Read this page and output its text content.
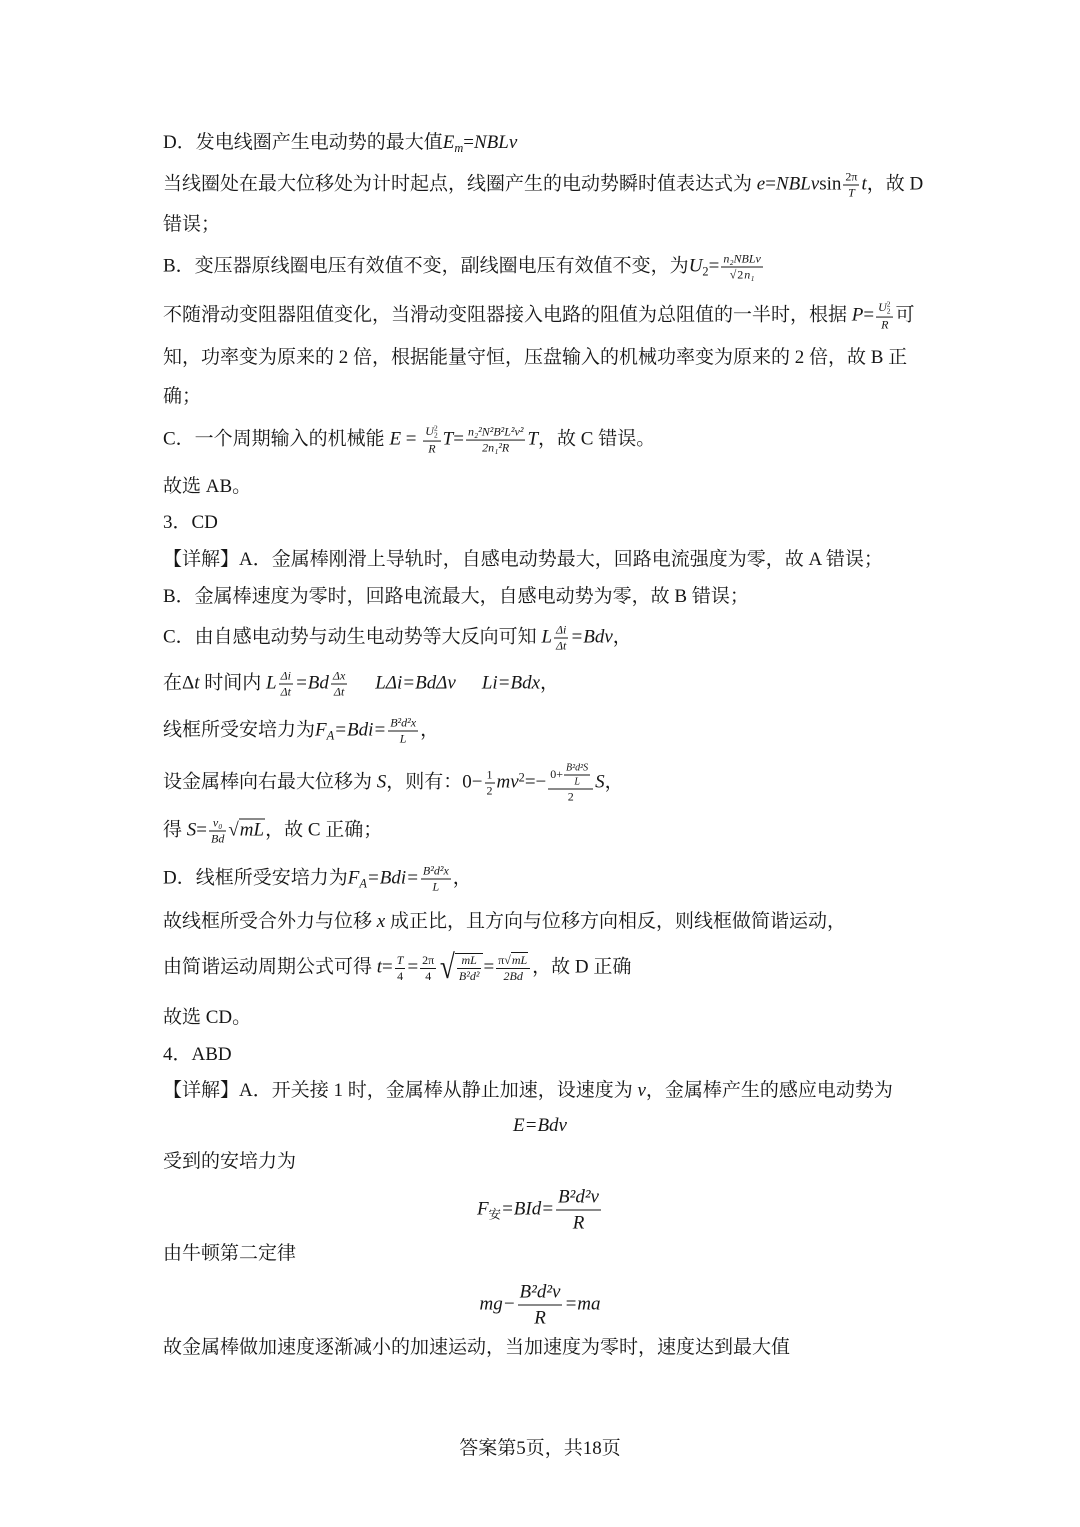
D．发电线圈产生电动势的最大值$E_m=NBLv$
当线圈处在最大位移处为计时起点，线圈产生的电动势瞬时值表达式为 e=NBLvsin $\frac{2\pi}{T}$ t，故 D
错误；
B．变压器原线圈电压有效值不变，副线圈电压有效值不变，为$U_2= \frac{\text{n₂NBLv}}{\text{√2n₁}}$
不随滑动变阻器阻值变化，当滑动变阻器接入电路的阻值为总阻值的一半时，根据 P= U 2
2
R 可
知，功率变为原来的 2 倍，根据能量守恒，压盘输入的机械功率变为原来的 2 倍，故 B 正
确；
C．一个周期输入的机械能 E = U 2
2
R $T= \frac{\text{n₂²N²B²L²v²}}{\text{2n₁²R}}$ T，故 C 错误。
故选 AB。
3．CD
【详解】A．金属棒刚滑上导轨时，自感电动势最大，回路电流强度为零，故 A 错误；
B．金属棒速度为零时，回路电流最大，自感电动势为零，故 B 错误；
C．由自感电动势与动生电动势等大反向可知 L $\frac{\Delta i}{\Delta t} =Bdv$，
在Δt 时间内 L $\frac{\Delta i}{\Delta t} =Bd \frac{\Delta x}{\Delta t} L\Delta i=Bd\Delta v$ Li=Bdx，
线框所受安培力为$F_A=Bdi= \frac{\text{B²d²x}}{L}$ ，
设金属棒向右最大位移为 S，则有：$0- \frac{1}{2} mv^2=- \frac{0+ \frac{\text{B²d²S}}{L}}{2}$ S，
得 $S= \frac{\text{v₀}}{Bd} √mL$，故 C 正确；
D．线框所受安培力为$F_A=Bdi= \frac{\text{B²d²x}}{L}$ ，
故线框所受合外力与位移 x 成正比，且方向与位移方向相反，则线框做简谐运动，
由简谐运动周期公式可得 $t= \frac{T}{4} = \frac{2\pi}{4}$ √ $\frac{mL}{\text{B²d²}} = \frac{\pi√mL}{2Bd}$ ，故 D 正确
故选 CD。
4．ABD
【详解】A．开关接 1 时，金属棒从静止加速，设速度为 v，金属棒产生的感应电动势为
E=Bdv
受到的安培力为
$F_安=BId= \frac{\text{B²d²v}}{R}$
由牛顿第二定律
$mg- \frac{\text{B²d²v}}{R} =ma$
故金属棒做加速度逐渐减小的加速运动，当加速度为零时，速度达到最大值
答案第5页，共18页
